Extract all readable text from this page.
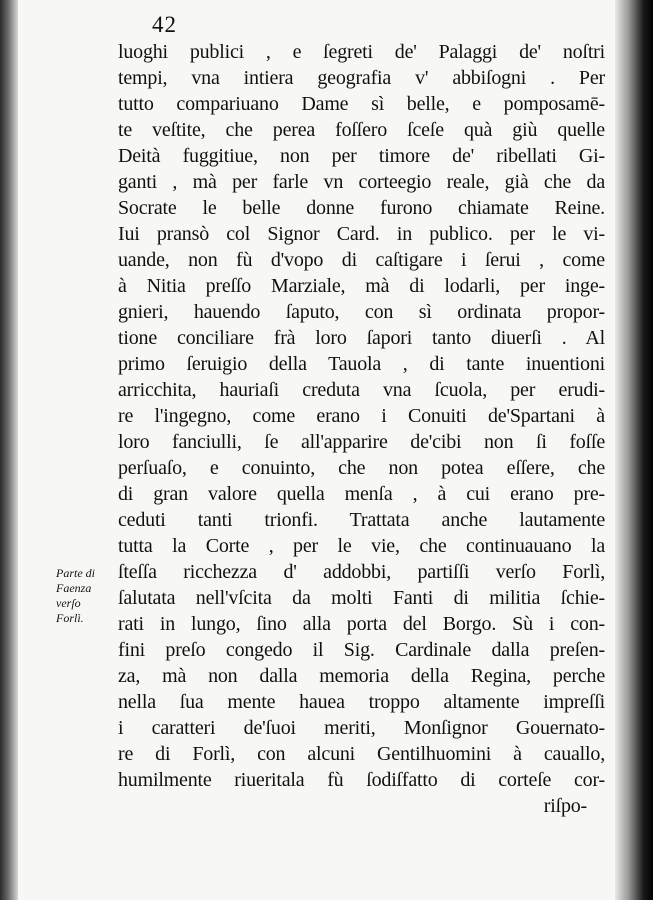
42
luoghi publici , e ſegreti de' Palaggi de' noſtri
tempi, vna intiera geografia v' abbiſogni . Per
tutto compariuano Dame sì belle, e pomposamē-
te veſtite, che perea foſſero ſceſe quà giù quelle
Deità fuggitiue, non per timore de' ribellati Gi-
ganti , mà per farle vn corteegio reale, già che da
Socrate le belle donne furono chiamate Reine.
Iui pransò col Signor Card. in publico. per le vi-
uande, non fù d'vopo di caſtigare i ſerui , come
à Nitia preſſo Marziale, mà di lodarli, per inge-
gnieri, hauendo ſaputo, con sì ordinata propor-
tione conciliare frà loro ſapori tanto diuerſi . Al
primo ſeruigio della Tauola , di tante inuentioni
arricchita, hauriaſi creduta vna ſcuola, per erudi-
re l'ingegno, come erano i Conuiti de'Spartani à
loro fanciulli, ſe all'apparire de'cibi non ſi foſſe
perſuaſo, e conuinto, che non potea eſſere, che
di gran valore quella menſa , à cui erano pre-
ceduti tanti trionfi. Trattata anche lautamente
tutta la Corte , per le vie, che continuauano la
ſteſſa ricchezza d' addobbi, partiſſi verſo Forlì,
ſalutata nell'vſcita da molti Fanti di militia ſchie-
rati in lungo, ſino alla porta del Borgo. Sù i con-
fini preſo congedo il Sig. Cardinale dalla preſen-
za, mà non dalla memoria della Regina, perche
nella ſua mente hauea troppo altamente impreſſi
i caratteri de'ſuoi meriti, Monſignor Gouernato-
re di Forlì, con alcuni Gentilhuomini à cauallo,
humilmente riueritala fù ſodiſfatto di corteſe cor-
riſpo-
Parte di
Faenza
verſo
Forlì.
